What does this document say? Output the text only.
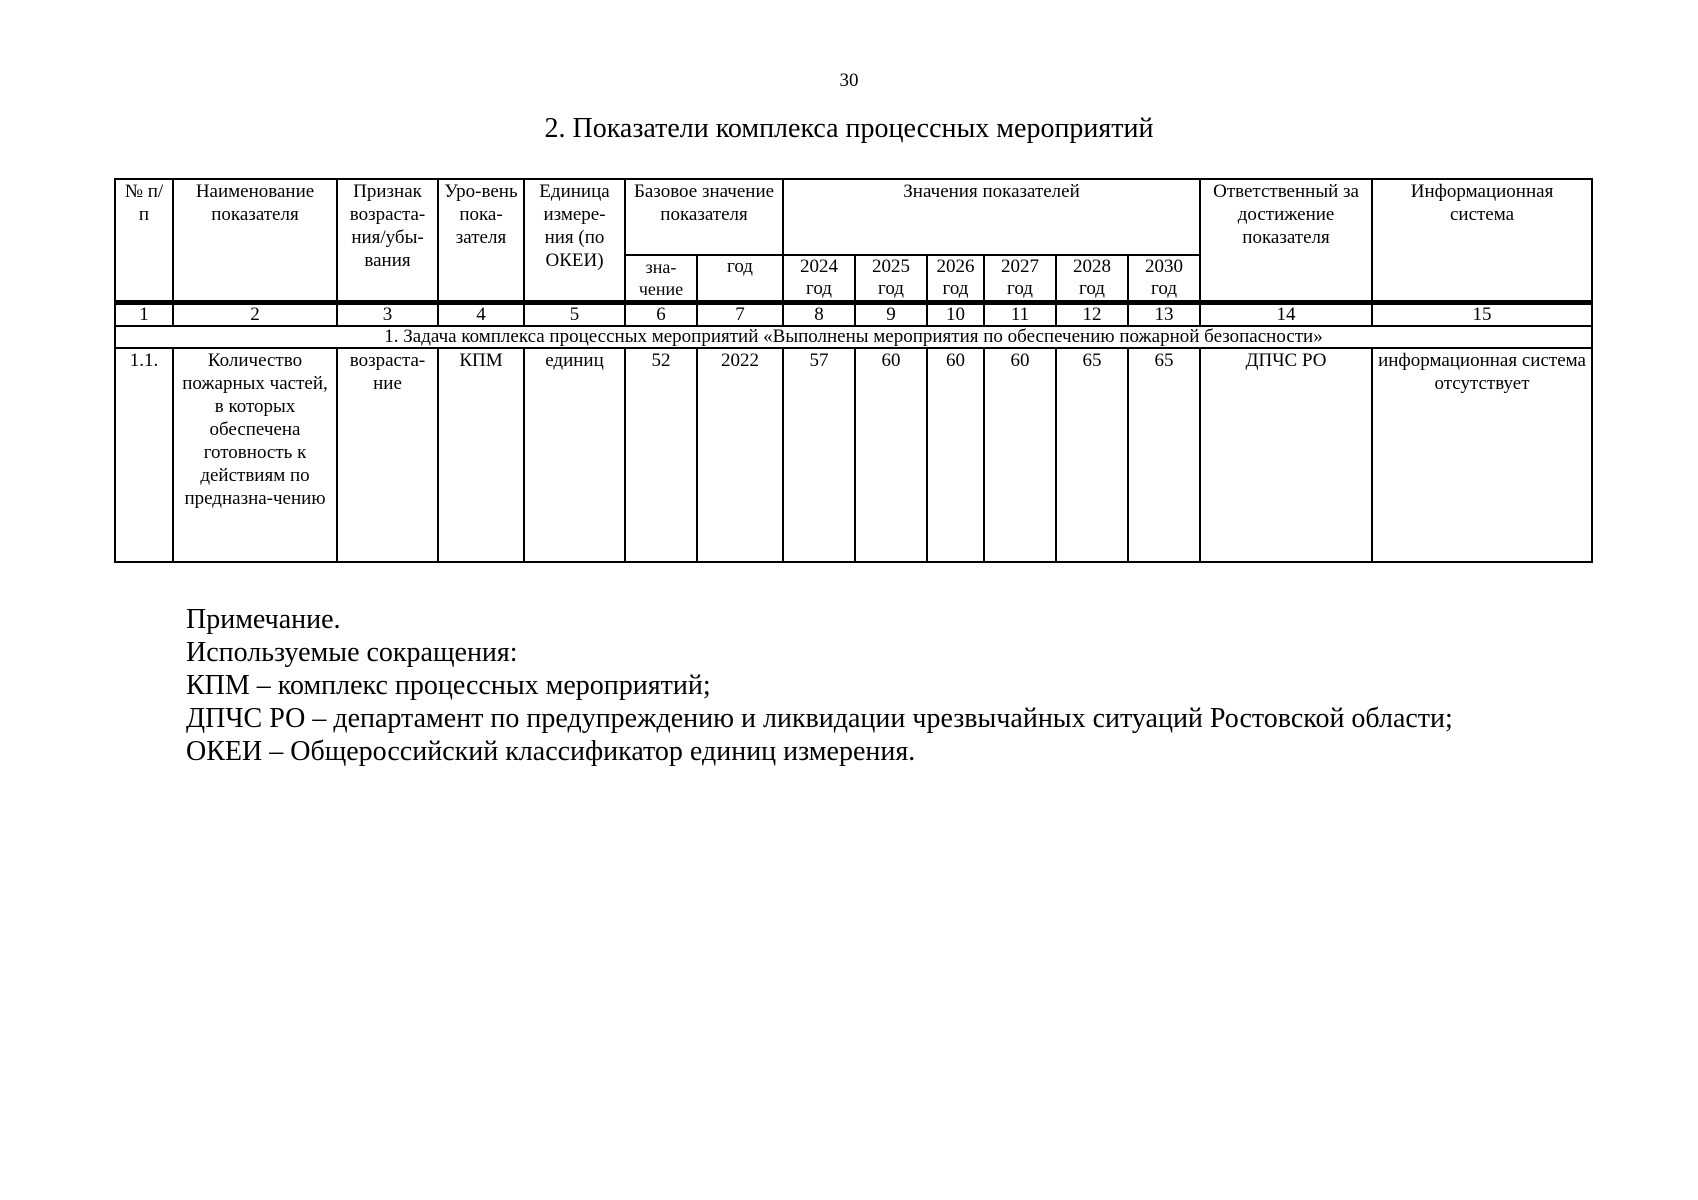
30
2. Показатели комплекса процессных мероприятий
№ п/п	Наименование показателя	Признак возраста-ния/убы-вания	Уро-вень пока-зателя	Единица измере-ния (по ОКЕИ)	Базовое значение показателя		Значения показателей						Ответственный за достижение показателя	Информационная система
					зна-чение	год	2024 год	2025 год	2026 год	2027 год	2028 год	2030 год		
1	2	3	4	5	6	7	8	9	10	11	12	13	14	15
1. Задача комплекса процессных мероприятий «Выполнены мероприятия по обеспечению пожарной безопасности»														
1.1.	Количество пожарных частей, в которых обеспечена готовность к действиям по предназна-чению	возраста-ние	КПМ	единиц	52	2022	57	60	60	60	65	65	ДПЧС РО	информационная система отсутствует
Примечание.
Используемые сокращения:
КПМ – комплекс процессных мероприятий;
ДПЧС РО – департамент по предупреждению и ликвидации чрезвычайных ситуаций Ростовской области;
ОКЕИ – Общероссийский классификатор единиц измерения.
